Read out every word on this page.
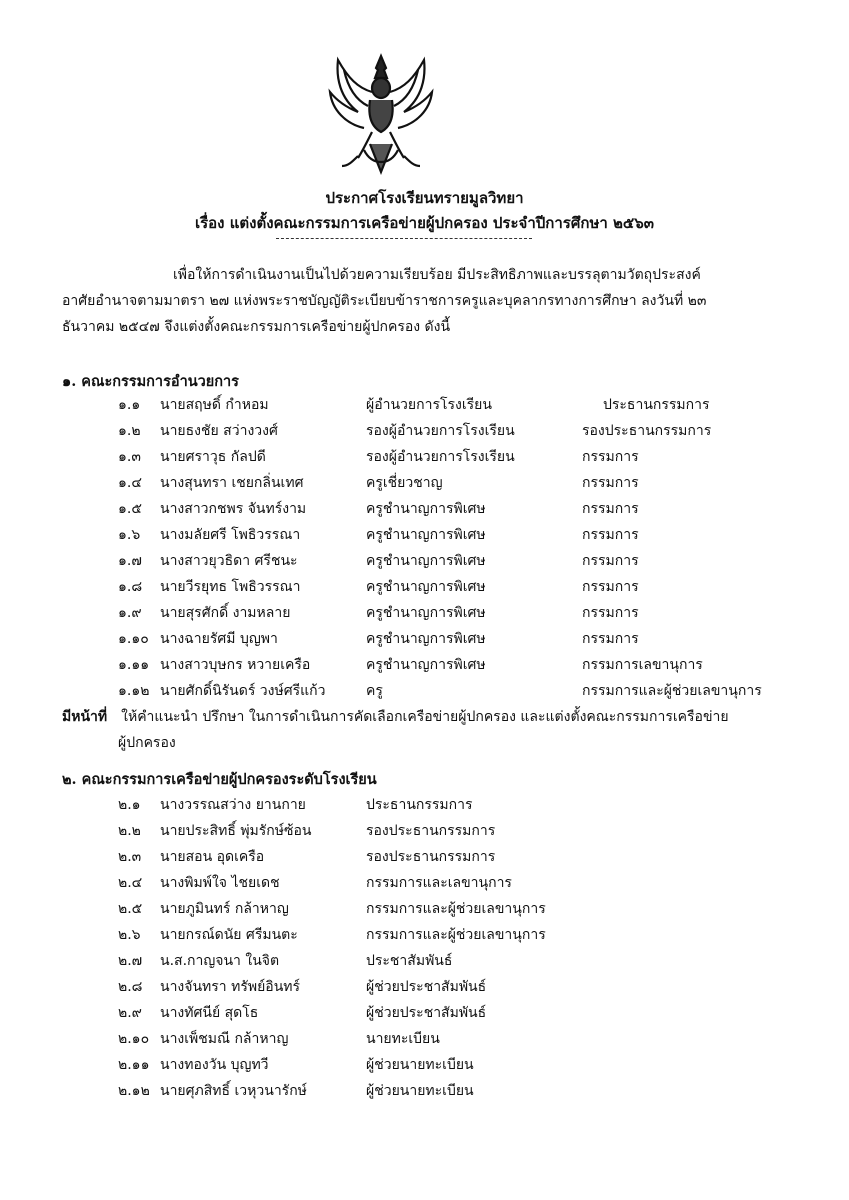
ประกาศโรงเรียนทรายมูลวิทยา
เรื่อง แต่งตั้งคณะกรรมการเครือข่ายผู้ปกครอง ประจำปีการศึกษา ๒๕๖๓
เพื่อให้การดำเนินงานเป็นไปด้วยความเรียบร้อย มีประสิทธิภาพและบรรลุตามวัตถุประสงค์
อาศัยอำนาจตามมาตรา ๒๗ แห่งพระราชบัญญัติระเบียบข้าราชการครูและบุคลากรทางการศึกษา ลงวันที่ ๒๓
ธันวาคม ๒๕๔๗ จึงแต่งตั้งคณะกรรมการเครือข่ายผู้ปกครอง ดังนี้
๑. คณะกรรมการอำนวยการ
๑.๑ นายสฤษดิ์ กำหอม	ผู้อำนวยการโรงเรียน	ประธานกรรมการ
๑.๒ นายธงชัย สว่างวงศ์	รองผู้อำนวยการโรงเรียน	รองประธานกรรมการ
๑.๓ นายศราวุธ กัลปดี	รองผู้อำนวยการโรงเรียน	กรรมการ
๑.๔ นางสุนทรา เชยกลิ่นเทศ	ครูเชี่ยวชาญ	กรรมการ
๑.๕ นางสาวกชพร จันทร์งาม	ครูชำนาญการพิเศษ	กรรมการ
๑.๖ นางมลัยศรี โพธิวรรณา	ครูชำนาญการพิเศษ	กรรมการ
๑.๗ นางสาวยุวธิดา ศรีชนะ	ครูชำนาญการพิเศษ	กรรมการ
๑.๘ นายวีรยุทธ โพธิวรรณา	ครูชำนาญการพิเศษ	กรรมการ
๑.๙ นายสุรศักดิ์ งามหลาย	ครูชำนาญการพิเศษ	กรรมการ
๑.๑๐ นางฉายรัศมี บุญพา	ครูชำนาญการพิเศษ	กรรมการ
๑.๑๑ นางสาวบุษกร หวายเครือ	ครูชำนาญการพิเศษ	กรรมการเลขานุการ
๑.๑๒ นายศักดิ์นิรันดร์ วงษ์ศรีแก้ว	ครู	กรรมการและผู้ช่วยเลขานุการ
มีหน้าที่ ให้คำแนะนำ ปรึกษา ในการดำเนินการคัดเลือกเครือข่ายผู้ปกครอง และแต่งตั้งคณะกรรมการเครือข่าย
ผู้ปกครอง
๒. คณะกรรมการเครือข่ายผู้ปกครองระดับโรงเรียน
๒.๑ นางวรรณสว่าง ยานกาย	ประธานกรรมการ
๒.๒ นายประสิทธิ์ พุ่มรักษ์ซ้อน	รองประธานกรรมการ
๒.๓ นายสอน อุดเครือ	รองประธานกรรมการ
๒.๔ นางพิมพ์ใจ ไชยเดช	กรรมการและเลขานุการ
๒.๕ นายภูมินทร์ กล้าหาญ	กรรมการและผู้ช่วยเลขานุการ
๒.๖ นายกรณ์ดนัย ศรีมนตะ	กรรมการและผู้ช่วยเลขานุการ
๒.๗ น.ส.กาญจนา ในจิต	ประชาสัมพันธ์
๒.๘ นางจันทรา ทรัพย์อินทร์	ผู้ช่วยประชาสัมพันธ์
๒.๙ นางทัศนีย์ สุดโธ	ผู้ช่วยประชาสัมพันธ์
๒.๑๐ นางเพ็ชมณี กล้าหาญ	นายทะเบียน
๒.๑๑ นางทองวัน บุญทวี	ผู้ช่วยนายทะเบียน
๒.๑๒ นายศุภสิทธิ์ เวหุวนารักษ์	ผู้ช่วยนายทะเบียน
